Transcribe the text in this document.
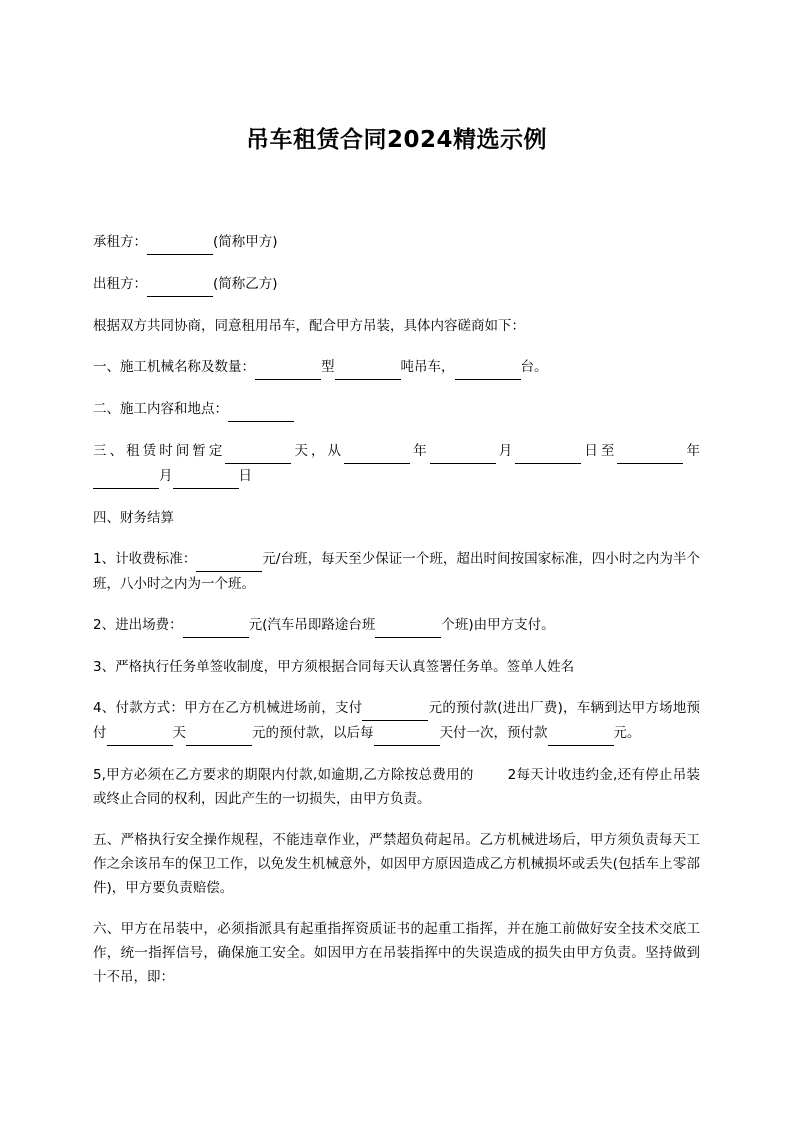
吊车租赁合同2024精选示例

承租方：	(简称甲方)

出租方：	(简称乙方)

根据双方共同协商，同意租用吊车，配合甲方吊装，具体内容磋商如下：

一、施工机械名称及数量：	型	吨吊车，	台。

二、施工内容和地点：

三、租赁时间暂定	天，从	年	月	日至	年 月	日

四、财务结算

1、计收费标准：	元/台班，每天至少保证一个班，超出时间按国家标准，四小时之内为半个班，八小时之内为一个班。

2、进出场费：	元(汽车吊即路途台班	个班)由甲方支付。

3、严格执行任务单签收制度，甲方须根据合同每天认真签署任务单。签单人姓名

4、付款方式：甲方在乙方机械进场前，支付	元的预付款(进出厂费)，车辆到达甲方场地预付	天	元的预付款，以后每	天付一次，预付款	元。

5,甲方必须在乙方要求的期限内付款,如逾期,乙方除按总费用的	2每天计收违约金,还有停止吊装或终止合同的权利，因此产生的一切损失，由甲方负责。

五、严格执行安全操作规程，不能违章作业，严禁超负荷起吊。乙方机械进场后，甲方须负责每天工作之余该吊车的保卫工作，以免发生机械意外，如因甲方原因造成乙方机械损坏或丢失(包括车上零部件)，甲方要负责赔偿。

六、甲方在吊装中，必须指派具有起重指挥资质证书的起重工指挥，并在施工前做好安全技术交底工作，统一指挥信号，确保施工安全。如因甲方在吊装指挥中的失误造成的损失由甲方负责。坚持做到十不吊，即：
